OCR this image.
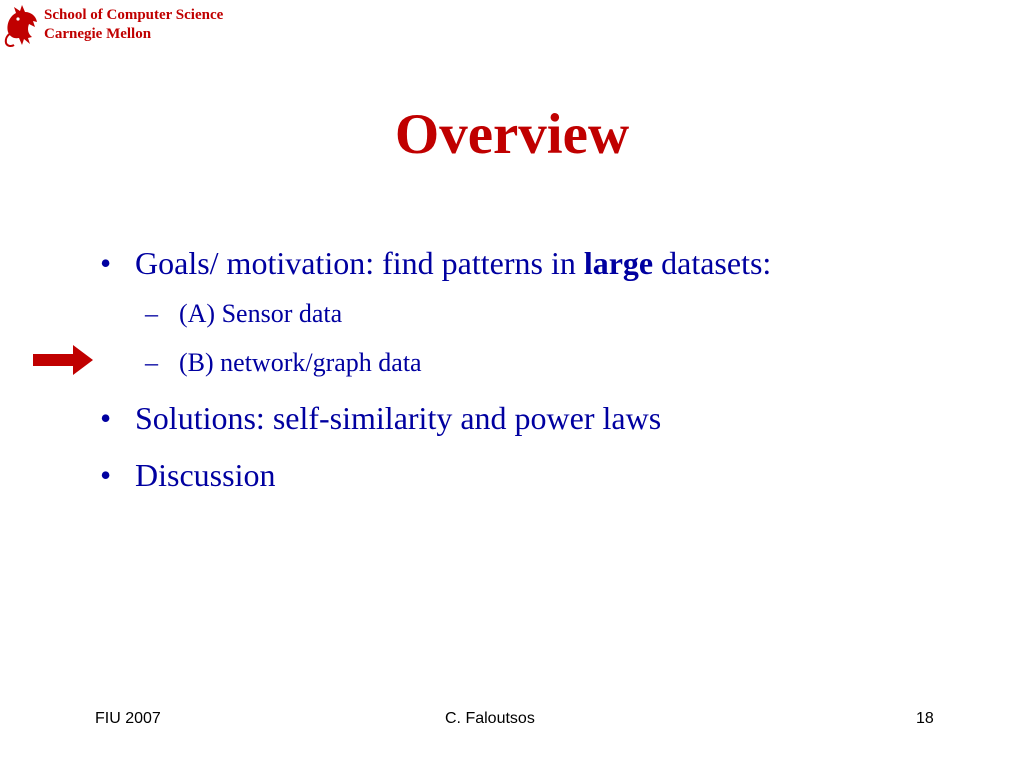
School of Computer Science
Carnegie Mellon
Overview
• Goals/ motivation: find patterns in large datasets:
– (A) Sensor data
– (B) network/graph data
• Solutions: self-similarity and power laws
• Discussion
FIU 2007	C. Faloutsos	18
